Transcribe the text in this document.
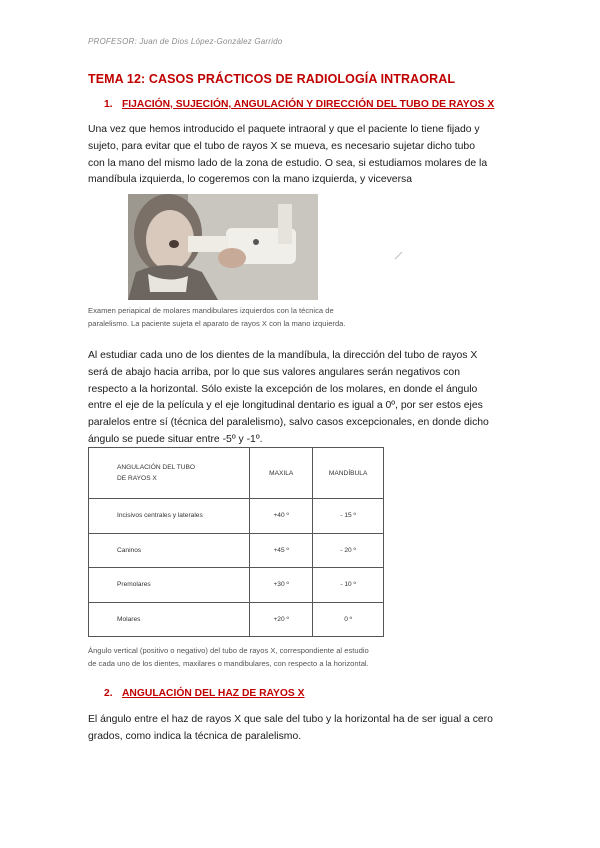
PROFESOR: Juan de Dios López-González Garrido
TEMA 12: CASOS PRÁCTICOS DE RADIOLOGÍA INTRAORAL
1. FIJACIÓN, SUJECIÓN, ANGULACIÓN Y DIRECCIÓN DEL TUBO DE RAYOS X
Una vez que hemos introducido el paquete intraoral y que el paciente lo tiene fijado y
sujeto, para evitar que el tubo de rayos X se mueva, es necesario sujetar dicho tubo
con la mano del mismo lado de la zona de estudio. O sea, si estudiamos molares de la
mandíbula izquierda, lo cogeremos con la mano izquierda, y viceversa
Examen periapical de molares mandibulares izquierdos con la técnica de
paralelismo. La paciente sujeta el aparato de rayos X con la mano izquierda.
Al estudiar cada uno de los dientes de la mandíbula, la dirección del tubo de rayos X
será de abajo hacia arriba, por lo que sus valores angulares serán negativos con
respecto a la horizontal. Sólo existe la excepción de los molares, en donde el ángulo
entre el eje de la película y el eje longitudinal dentario es igual a 0º, por ser estos ejes
paralelos entre sí (técnica del paralelismo), salvo casos excepcionales, en donde dicho
ángulo se puede situar entre -5º y -1º.
ANGULACIÓN DEL TUBO
DE RAYOS X	MAXILA	MANDÍBULA
Incisivos centrales y laterales	+40 º	- 15 º
Caninos	+45 º	- 20 º
Premolares	+30 º	- 10 º
Molares	+20 º	0 º
Ángulo vertical (positivo o negativo) del tubo de rayos X, correspondiente al estudio
de cada uno de los dientes, maxilares o mandibulares, con respecto a la horizontal.
2. ANGULACIÓN DEL HAZ DE RAYOS X
El ángulo entre el haz de rayos X que sale del tubo y la horizontal ha de ser igual a cero
grados, como indica la técnica de paralelismo.
